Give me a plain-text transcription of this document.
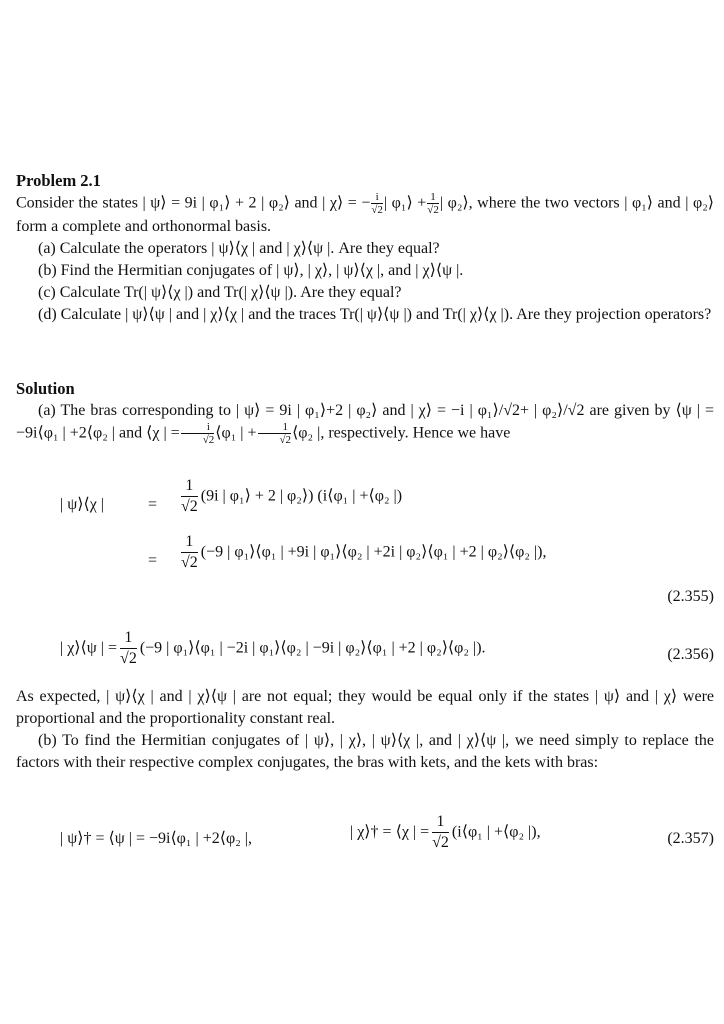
Problem 2.1

Consider the states | ψ⟩ = 9i | φ₁⟩ + 2 | φ₂⟩ and | χ⟩ = − $\frac{i}{√2}$ | φ₁⟩ + $\frac{1}{√2}$ | φ₂⟩, where the two vectors | φ₁⟩ and | φ₂⟩ form a complete and orthonormal basis.

(a) Calculate the operators | ψ⟩⟨χ | and | χ⟩⟨ψ |. Are they equal?

(b) Find the Hermitian conjugates of | ψ⟩, | χ⟩, | ψ⟩⟨χ |, and | χ⟩⟨ψ |.

(c) Calculate Tr(| ψ⟩⟨χ |) and Tr(| χ⟩⟨ψ |). Are they equal?

(d) Calculate | ψ⟩⟨ψ | and | χ⟩⟨χ | and the traces Tr(| ψ⟩⟨ψ |) and Tr(| χ⟩⟨χ |). Are they projection operators?

Solution

(a) The bras corresponding to | ψ⟩ = 9i | φ₁⟩+2 | φ₂⟩ and | χ⟩ = −i | φ₁⟩/√2+ | φ₂⟩/√2 are given by ⟨ψ | = −9i⟨φ₁ | +2⟨φ₂ | and ⟨χ | = $\frac{i}{√2}$ ⟨φ₁ | + $\frac{1}{√2}$ ⟨φ₂ |, respectively. Hence we have

| ψ⟩⟨χ |	= $\frac{1}{√2} (9i$ | φ₁⟩ + 2 | φ₂⟩) (i⟨φ₁ | +⟨φ₂ |)
= $\frac{1}{√2} (-9$ | φ₁⟩⟨φ₁ | +9i | φ₁⟩⟨φ₂ | +2i | φ₂⟩⟨φ₁ | +2 | φ₂⟩⟨φ₂ |),
(2.355)
| χ⟩⟨ψ | = $\frac{1}{√2} (-9$ | φ₁⟩⟨φ₁ | −2i | φ₁⟩⟨φ₂ | −9i | φ₂⟩⟨φ₁ | +2 | φ₂⟩⟨φ₂ |).	(2.356)

As expected, | ψ⟩⟨χ | and | χ⟩⟨ψ | are not equal; they would be equal only if the states | ψ⟩ and | χ⟩ were proportional and the proportionality constant real.

(b) To find the Hermitian conjugates of | ψ⟩, | χ⟩, | ψ⟩⟨χ |, and | χ⟩⟨ψ |, we need simply to replace the factors with their respective complex conjugates, the bras with kets, and the kets with bras:

| ψ⟩† = ⟨ψ | = −9i⟨φ₁ | +2⟨φ₂ |,	| χ⟩† = ⟨χ | = $\frac{1}{√2}$ (i⟨φ₁ | +⟨φ₂ |),	(2.357)
